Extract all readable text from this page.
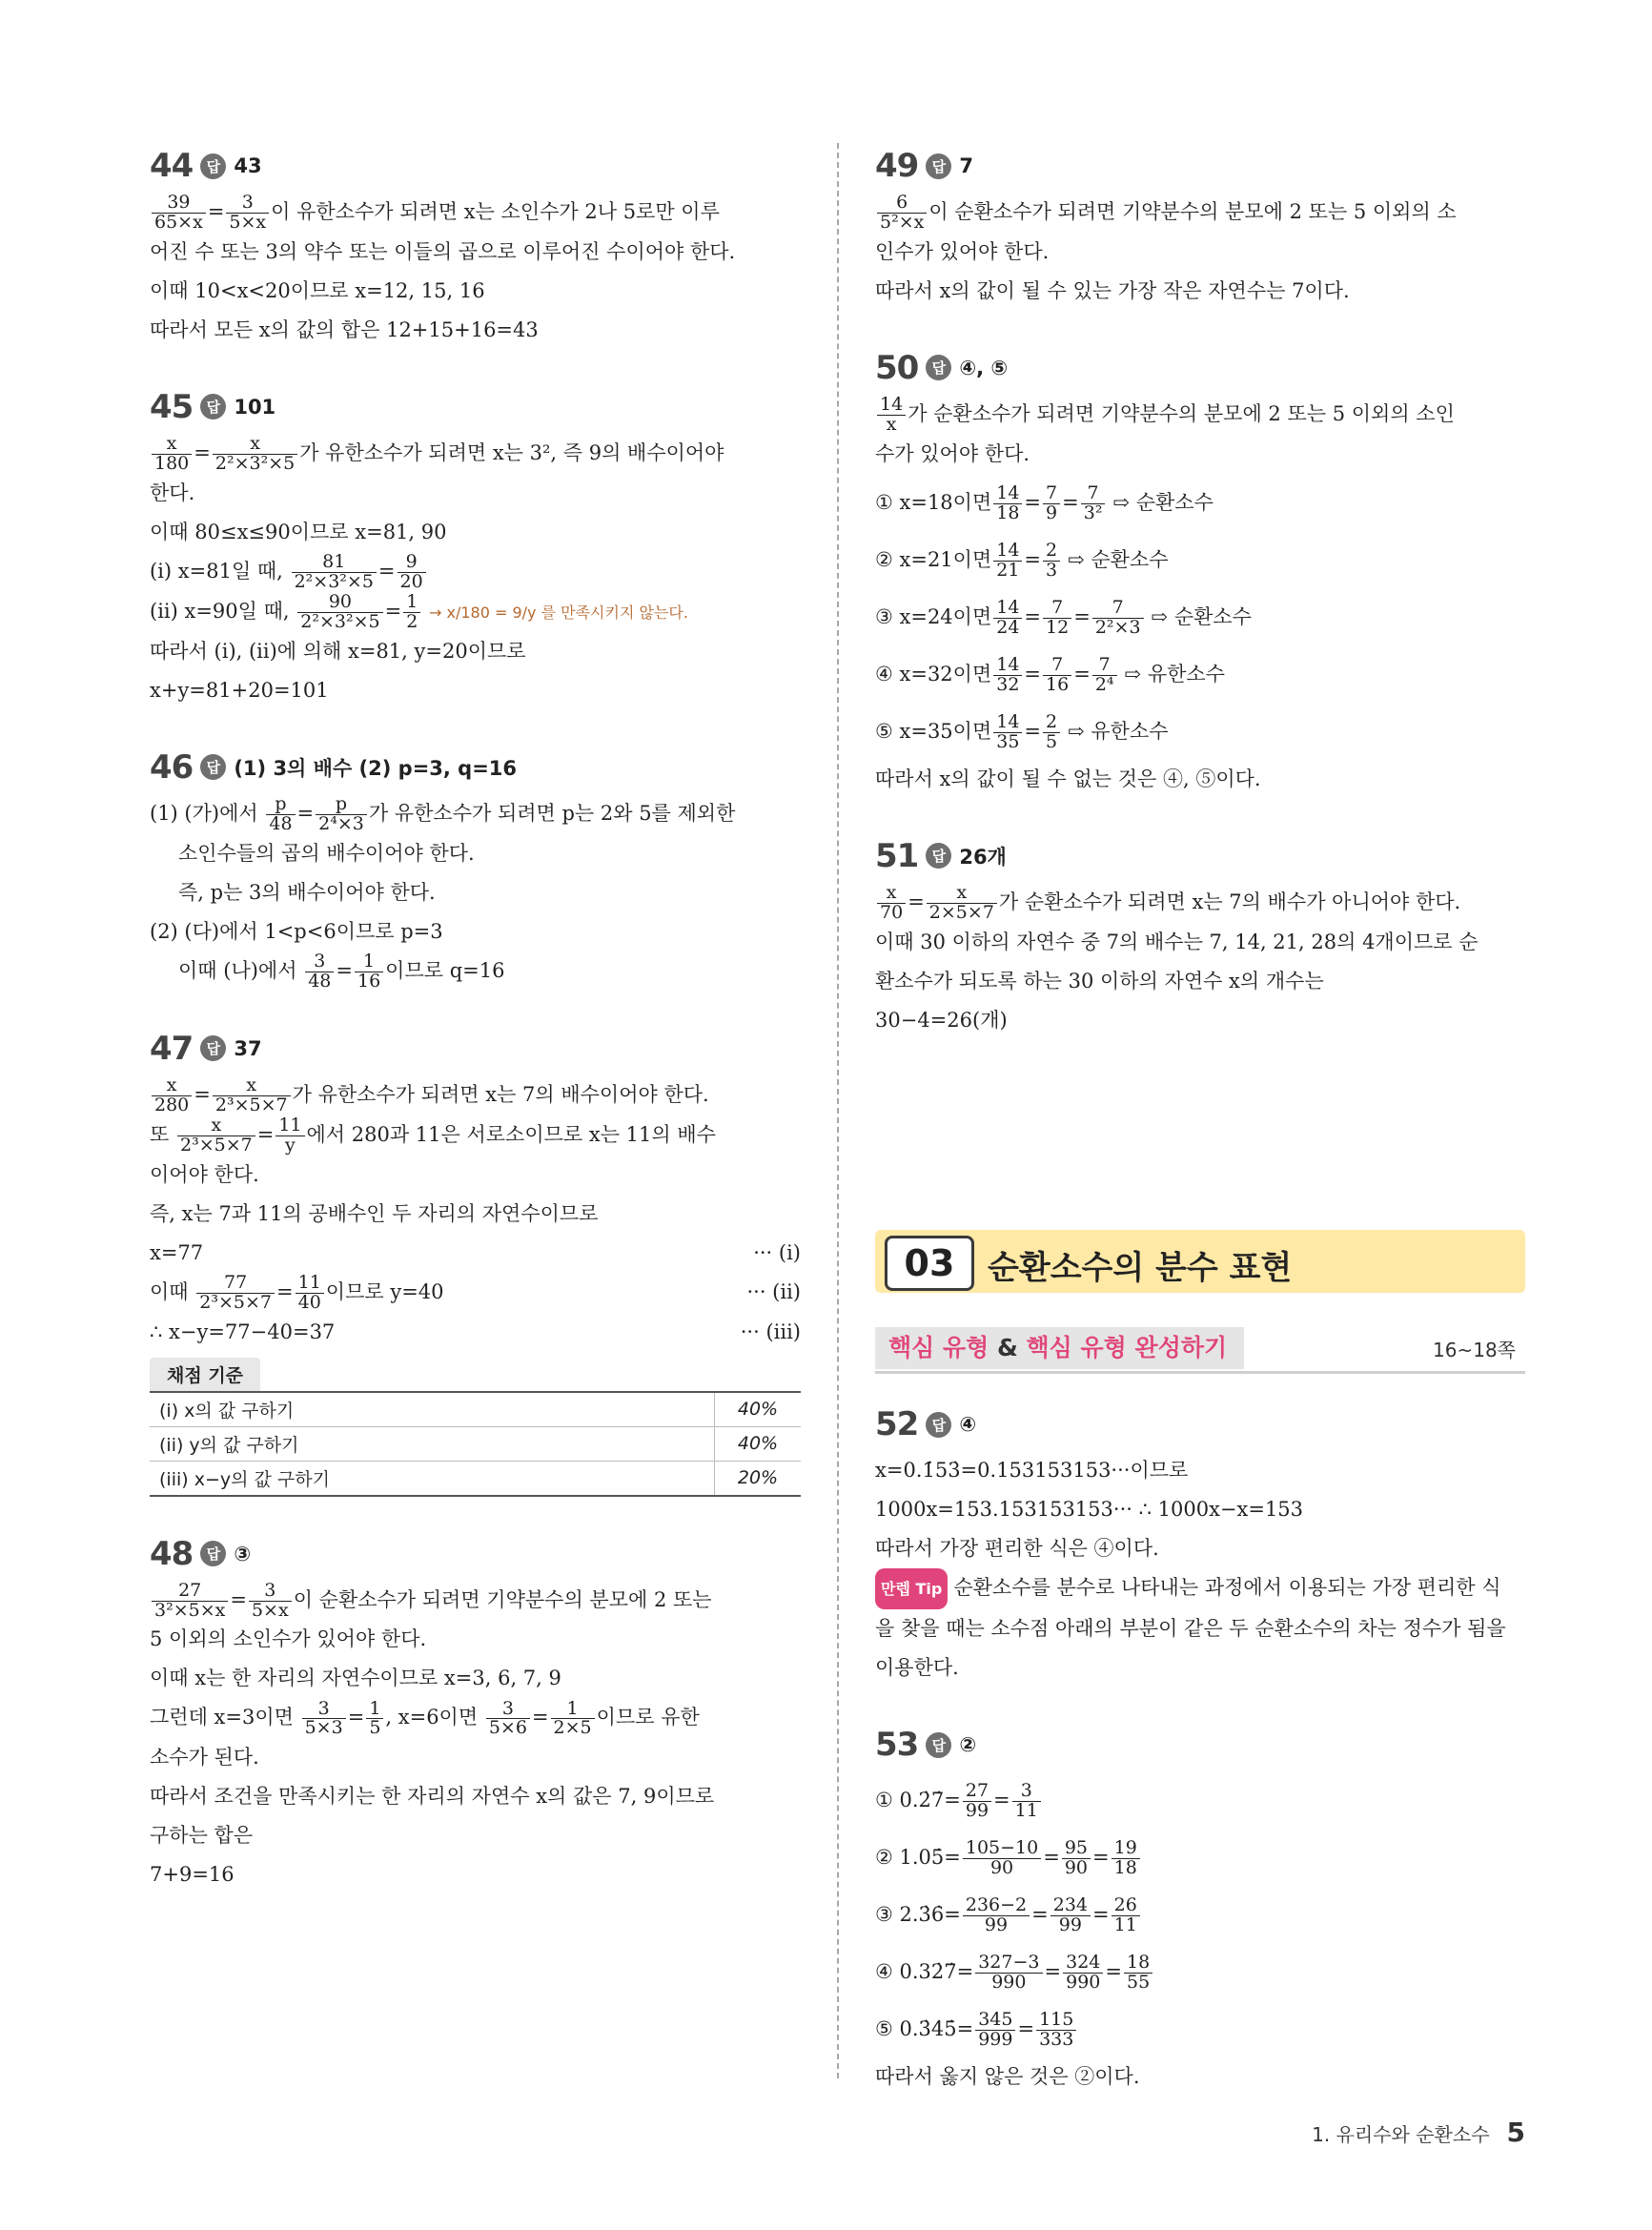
44 답 43
$\frac{39}{65\times x} = \frac{3}{5\times x}$ 이 유한소수가 되려면 x는 소인수가 2나 5로만 이루
어진 수 또는 3의 약수 또는 이들의 곱으로 이루어진 수이어야 한다.
이때 10<x<20이므로 x=12, 15, 16
따라서 모든 x의 값의 합은 12+15+16=43
45 답 101
$\frac{x}{180} = \frac{x}{\text{2²×3²×5}}$ 가 유한소수가 되려면 x는 3², 즉 9의 배수이어야
한다.
이때 80≤x≤90이므로 x=81, 90
(i) x=81일 때, $\frac{81}{\text{2²×3²×5}} = \frac{9}{20}$
(ii) x=90일 때, $\frac{90}{\text{2²×3²×5}} = \frac{1}{2} \to x/180 = 9/y$ 를 만족시키지 않는다.
따라서 (i), (ii)에 의해 x=81, y=20이므로
x+y=81+20=101
46 답 (1) 3의 배수 (2) p=3, q=16
(1) (가)에서 $\frac{p}{48} = \frac{p}{\text{2⁴×3}}$ 가 유한소수가 되려면 p는 2와 5를 제외한
소인수들의 곱의 배수이어야 한다.
즉, p는 3의 배수이어야 한다.
(2) (다)에서 1<p<6이므로 p=3
이때 (나)에서 $\frac{3}{48} = \frac{1}{16}$ 이므로 q=16
47 답 37
$\frac{x}{280} = \frac{x}{\text{2³×5×7}}$ 가 유한소수가 되려면 x는 7의 배수이어야 한다.
또 $\frac{x}{\text{2³×5×7}} = \frac{11}{y}$ 에서 280과 11은 서로소이므로 x는 11의 배수
이어야 한다.
즉, x는 7과 11의 공배수인 두 자리의 자연수이므로
x=77	··· (i)
이때 $\frac{77}{\text{2³×5×7}} = \frac{11}{40}$ 이므로 y=40	··· (ii)
∴ x−y=77−40=37	··· (iii)
채점 기준
(i) x의 값 구하기	40%
(ii) y의 값 구하기	40%
(iii) x−y의 값 구하기	20%
48 답 ③
$\frac{27}{\text{3²×5×x}} = \frac{3}{5\times x}$ 이 순환소수가 되려면 기약분수의 분모에 2 또는
5 이외의 소인수가 있어야 한다.
이때 x는 한 자리의 자연수이므로 x=3, 6, 7, 9
그런데 x=3이면 $\frac{3}{5\times 3} = \frac{1}{5}$ , x=6이면 $\frac{3}{5\times 6} = \frac{1}{2\times 5}$ 이므로 유한
소수가 된다.
따라서 조건을 만족시키는 한 자리의 자연수 x의 값은 7, 9이므로
구하는 합은
7+9=16
49 답 7
$\frac{6}{\text{5²×x}}$ 이 순환소수가 되려면 기약분수의 분모에 2 또는 5 이외의 소
인수가 있어야 한다.
따라서 x의 값이 될 수 있는 가장 작은 자연수는 7이다.
50 답 ④, ⑤
$\frac{14}{x}$ 가 순환소수가 되려면 기약분수의 분모에 2 또는 5 이외의 소인
수가 있어야 한다.
① x=18이면 $\frac{14}{18} = \frac{7}{9} = \frac{7}{\text{3²}}$ ⇨ 순환소수
② x=21이면 $\frac{14}{21} = \frac{2}{3}$ ⇨ 순환소수
③ x=24이면 $\frac{14}{24} = \frac{7}{12} = \frac{7}{\text{2²×3}}$ ⇨ 순환소수
④ x=32이면 $\frac{14}{32} = \frac{7}{16} = \frac{7}{\text{2⁴}}$ ⇨ 유한소수
⑤ x=35이면 $\frac{14}{35} = \frac{2}{5}$ ⇨ 유한소수
따라서 x의 값이 될 수 없는 것은 ④, ⑤이다.
51 답 26개
$\frac{x}{70} = \frac{x}{2\times 5\times 7}$ 가 순환소수가 되려면 x는 7의 배수가 아니어야 한다.
이때 30 이하의 자연수 중 7의 배수는 7, 14, 21, 28의 4개이므로 순
환소수가 되도록 하는 30 이하의 자연수 x의 개수는
30−4=26(개)
03	순환소수의 분수 표현
핵심 유형 & 핵심 유형 완성하기	16~18쪽
52 답 ④
x=0.1̇53̇=0.153153153···이므로
1000x=153.153153153··· ∴ 1000x−x=153
따라서 가장 편리한 식은 ④이다.
만렙 Tip 순환소수를 분수로 나타내는 과정에서 이용되는 가장 편리한 식
을 찾을 때는 소수점 아래의 부분이 같은 두 순환소수의 차는 정수가 됨을
이용한다.
53 답 ②
① 0.2̇7̇= $\frac{27}{99} = \frac{3}{11}$
② 1.05̇= $\frac{105-10}{90} = \frac{95}{90} = \frac{19}{18}$
③ 2.3̇6̇= $\frac{236-2}{99} = \frac{234}{99} = \frac{26}{11}$
④ 0.32̇7̇= $\frac{327-3}{990} = \frac{324}{990} = \frac{18}{55}$
⑤ 0.3̇45̇= $\frac{345}{999} = \frac{115}{333}$
따라서 옳지 않은 것은 ②이다.
1. 유리수와 순환소수 5
